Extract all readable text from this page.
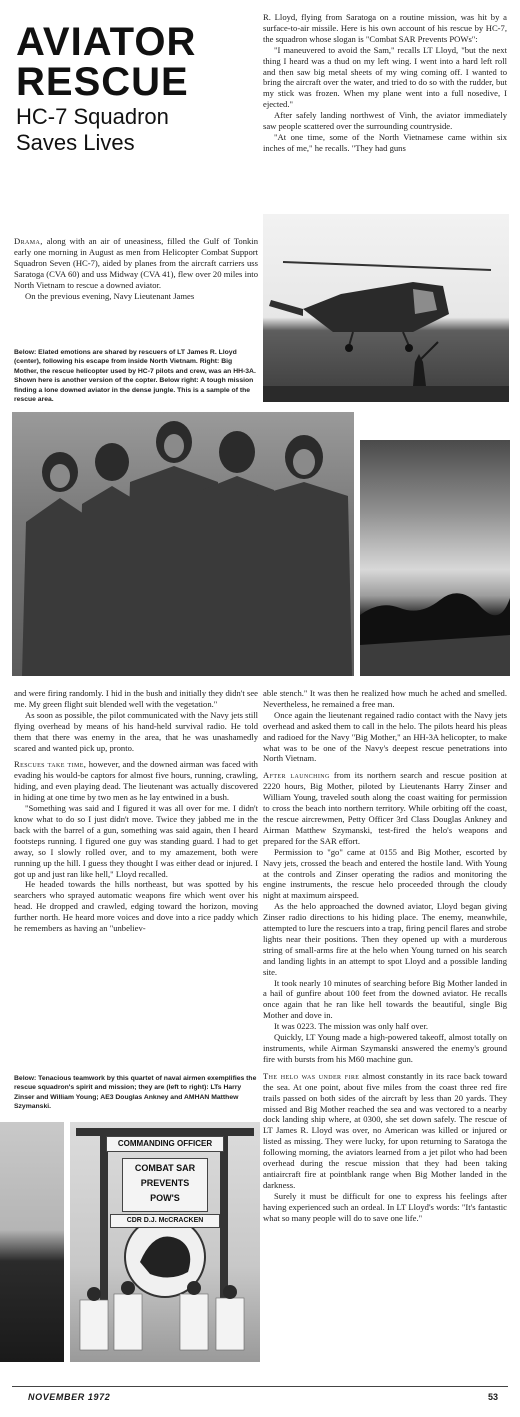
AVIATOR
RESCUE
HC-7 Squadron
Saves Lives

R. Lloyd, flying from Saratoga on a routine mission, was hit by a surface-to-air missile. Here is his own account of his rescue by HC-7, the squadron whose slogan is "Combat SAR Prevents POWs":

"I maneuvered to avoid the Sam," recalls LT Lloyd, "but the next thing I heard was a thud on my left wing. I went into a hard left roll and then saw big metal sheets of my wing coming off. I wanted to bring the aircraft over the water, and tried to do so with the rudder, but my stick was frozen. When my plane went into a full nosedive, I ejected."

After safely landing northwest of Vinh, the aviator immediately saw people scattered over the surrounding countryside.

"At one time, some of the North Vietnamese came within six inches of me," he recalls. "They had guns

Drama, along with an air of uneasiness, filled the Gulf of Tonkin early one morning in August as men from Helicopter Combat Support Squadron Seven (HC-7), aided by planes from the aircraft carriers uss Saratoga (CVA 60) and uss Midway (CVA 41), flew over 20 miles into North Vietnam to rescue a downed aviator.

On the previous evening, Navy Lieutenant James

Below: Elated emotions are shared by rescuers of LT James R. Lloyd (center), following his escape from inside North Vietnam. Right: Big Mother, the rescue helicopter used by HC-7 pilots and crew, was an HH-3A. Shown here is another version of the copter. Below right: A tough mission finding a lone downed aviator in the dense jungle. This is a sample of the rescue area.

and were firing randomly. I hid in the bush and initially they didn't see me. My green flight suit blended well with the vegetation."

As soon as possible, the pilot communicated with the Navy jets still flying overhead by means of his hand-held survival radio. He told them that there was enemy in the area, that he was unashamedly scared and wanted pick up, pronto.

Rescues take time, however, and the downed airman was faced with evading his would-be captors for almost five hours, running, crawling, hiding, and even playing dead. The lieutenant was actually discovered in hiding at one time by two men as he lay entwined in a bush.

"Something was said and I figured it was all over for me. I didn't know what to do so I just didn't move. Twice they jabbed me in the back with the barrel of a gun, something was said again, then I heard footsteps running. I figured one guy was standing guard. I had to get away, so I slowly rolled over, and to my amazement, both were running up the hill. I guess they thought I was either dead or injured. I got up and just ran like hell," Lloyd recalled.

He headed towards the hills northeast, but was spotted by his searchers who sprayed automatic weapons fire which went over his head. He dropped and crawled, edging toward the horizon, moving further north. He heard more voices and dove into a rice paddy which he remembers as having an "unbeliev-

Below: Tenacious teamwork by this quartet of naval airmen exemplifies the rescue squadron's spirit and mission; they are (left to right): LTs Harry Zinser and William Young; AE3 Douglas Ankney and AMHAN Matthew Szymanski.
COMMANDING OFFICER
COMBAT SAR
PREVENTS
POW'S
CDR D.J. McCRACKEN

able stench." It was then he realized how much he ached and smelled. Nevertheless, he remained a free man.

Once again the lieutenant regained radio contact with the Navy jets overhead and asked them to call in the helo. The pilots heard his pleas and radioed for the Navy "Big Mother," an HH-3A helicopter, to make what was to be one of the Navy's deepest rescue penetrations into North Vietnam.

After launching from its northern search and rescue position at 2220 hours, Big Mother, piloted by Lieutenants Harry Zinser and William Young, traveled south along the coast waiting for permission to cross the beach into northern territory. While orbiting off the coast, the rescue aircrewmen, Petty Officer 3rd Class Douglas Ankney and Airman Matthew Szymanski, test-fired the helo's weapons and prepared for the SAR effort.

Permission to "go" came at 0155 and Big Mother, escorted by Navy jets, crossed the beach and entered the hostile land. With Young at the controls and Zinser operating the radios and monitoring the engine instruments, the rescue helo proceeded through the cloudy night at maximum airspeed.

As the helo approached the downed aviator, Lloyd began giving Zinser radio directions to his hiding place. The enemy, meanwhile, attempted to lure the rescuers into a trap, firing pencil flares and strobe lights near their positions. Then they opened up with a murderous string of small-arms fire at the helo when Young turned on his search and landing lights in an attempt to spot Lloyd and a possible landing site.

It took nearly 10 minutes of searching before Big Mother landed in a hail of gunfire about 100 feet from the downed aviator. He recalls once again that he ran like hell towards the beautiful, single Big Mother and dove in.

It was 0223. The mission was only half over.

Quickly, LT Young made a high-powered takeoff, almost totally on instruments, while Airman Szymanski answered the enemy's ground fire with bursts from his M60 machine gun.

The helo was under fire almost constantly in its race back toward the sea. At one point, about five miles from the coast three red fire trails passed on both sides of the aircraft by less than 20 yards. They missed and Big Mother reached the sea and was vectored to a nearby dock landing ship where, at 0300, she set down safely. The rescue of LT James R. Lloyd was over, no American was killed or injured or listed as missing. They were lucky, for upon returning to Saratoga the following morning, the aviators learned from a jet pilot who had been overhead during the rescue mission that they had been taking antiaircraft fire at pointblank range when Big Mother landed in the darkness.

Surely it must be difficult for one to express his feelings after having experienced such an ordeal. In LT Lloyd's words: "It's fantastic what so many people will do to save one life."

NOVEMBER 1972	53
